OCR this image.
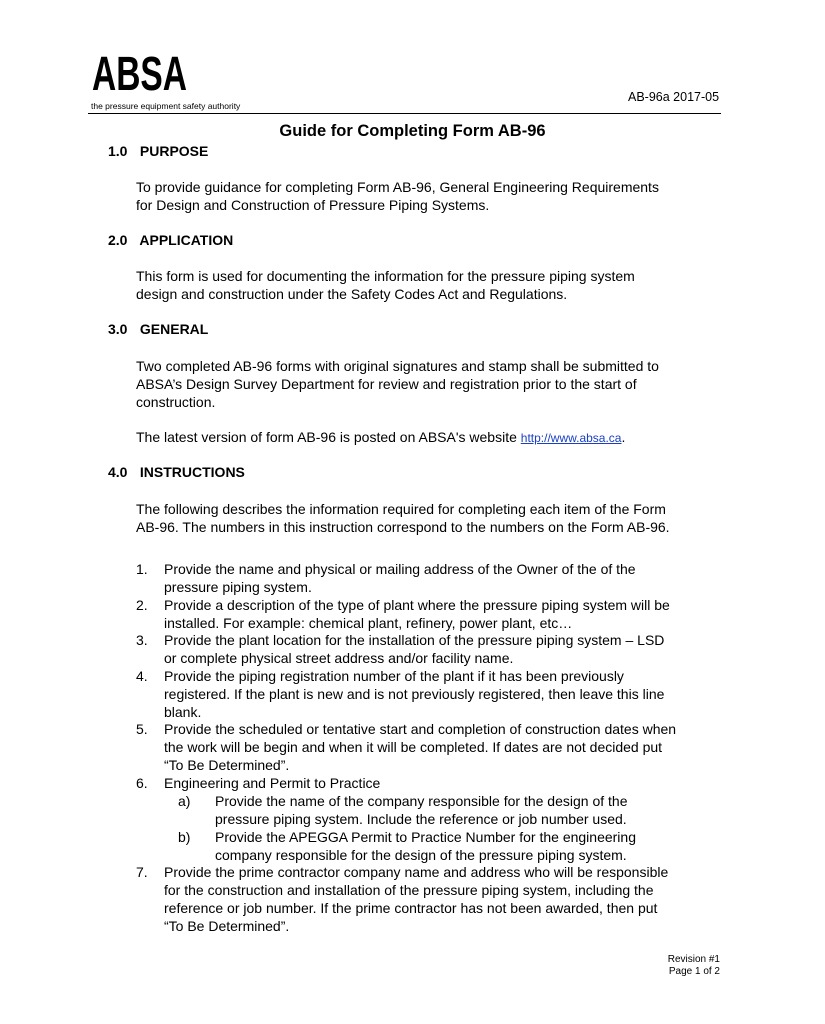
ABSA
the pressure equipment safety authority
AB-96a 2017-05
Guide for Completing Form AB-96
1.0 PURPOSE
To provide guidance for completing Form AB-96, General Engineering Requirements
for Design and Construction of Pressure Piping Systems.
2.0 APPLICATION
This form is used for documenting the information for the pressure piping system
design and construction under the Safety Codes Act and Regulations.
3.0 GENERAL
Two completed AB-96 forms with original signatures and stamp shall be submitted to
ABSA’s Design Survey Department for review and registration prior to the start of
construction.
The latest version of form AB-96 is posted on ABSA's website http://www.absa.ca.
4.0 INSTRUCTIONS
The following describes the information required for completing each item of the Form
AB-96. The numbers in this instruction correspond to the numbers on the Form AB-96.
1.	Provide the name and physical or mailing address of the Owner of the of the
pressure piping system.
2.	Provide a description of the type of plant where the pressure piping system will be
installed. For example: chemical plant, refinery, power plant, etc…
3.	Provide the plant location for the installation of the pressure piping system – LSD
or complete physical street address and/or facility name.
4.	Provide the piping registration number of the plant if it has been previously
registered. If the plant is new and is not previously registered, then leave this line
blank.
5.	Provide the scheduled or tentative start and completion of construction dates when
the work will be begin and when it will be completed. If dates are not decided put
“To Be Determined”.
6.	Engineering and Permit to Practice
a)	Provide the name of the company responsible for the design of the
pressure piping system. Include the reference or job number used.
b)	Provide the APEGGA Permit to Practice Number for the engineering
company responsible for the design of the pressure piping system.
7.	Provide the prime contractor company name and address who will be responsible
for the construction and installation of the pressure piping system, including the
reference or job number. If the prime contractor has not been awarded, then put
“To Be Determined”.
Revision #1
Page 1 of 2
